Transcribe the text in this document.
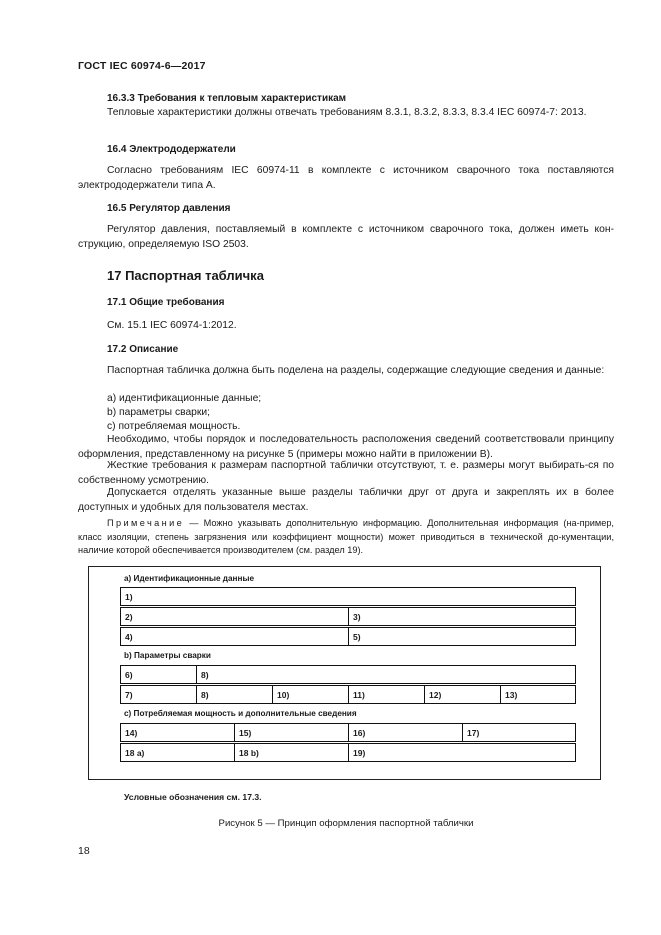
ГОСТ IEC 60974-6—2017
16.3.3 Требования к тепловым характеристикам

Тепловые характеристики должны отвечать требованиям 8.3.1, 8.3.2, 8.3.3, 8.3.4 IEC 60974-7: 2013.

16.4 Электрододержатели

Согласно требованиям IEC 60974-11 в комплекте с источником сварочного тока поставляются электрододержатели типа А.

16.5 Регулятор давления

Регулятор давления, поставляемый в комплекте с источником сварочного тока, должен иметь кон-струкцию, определяемую ISO 2503.

17 Паспортная табличка
17.1 Общие требования

См. 15.1 IEC 60974-1:2012.

17.2 Описание

Паспортная табличка должна быть поделена на разделы, содержащие следующие сведения и данные:

a) идентификационные данные;
b) параметры сварки;
c) потребляемая мощность.

Необходимо, чтобы порядок и последовательность расположения сведений соответствовали принципу оформления, представленному на рисунке 5 (примеры можно найти в приложении В).

Жесткие требования к размерам паспортной таблички отсутствуют, т. е. размеры могут выбирать-ся по собственному усмотрению.

Допускается отделять указанные выше разделы таблички друг от друга и закреплять их в более доступных и удобных для пользователя местах.

Примечание — Можно указывать дополнительную информацию. Дополнительная информация (на-пример, класс изоляции, степень загрязнения или коэффициент мощности) может приводиться в технической до-кументации, наличие которой обеспечивается производителем (см. раздел 19).

a) Идентификационные данные
1)
2)	3)
4)	5)
b) Параметры сварки
6)	8)
7)	8)	10)	11)	12)	13)
c) Потребляемая мощность и дополнительные сведения
14)	15)	16)	17)
18 a)	18 b)	19)
Условные обозначения см. 17.3.
Рисунок 5 — Принцип оформления паспортной таблички
18
